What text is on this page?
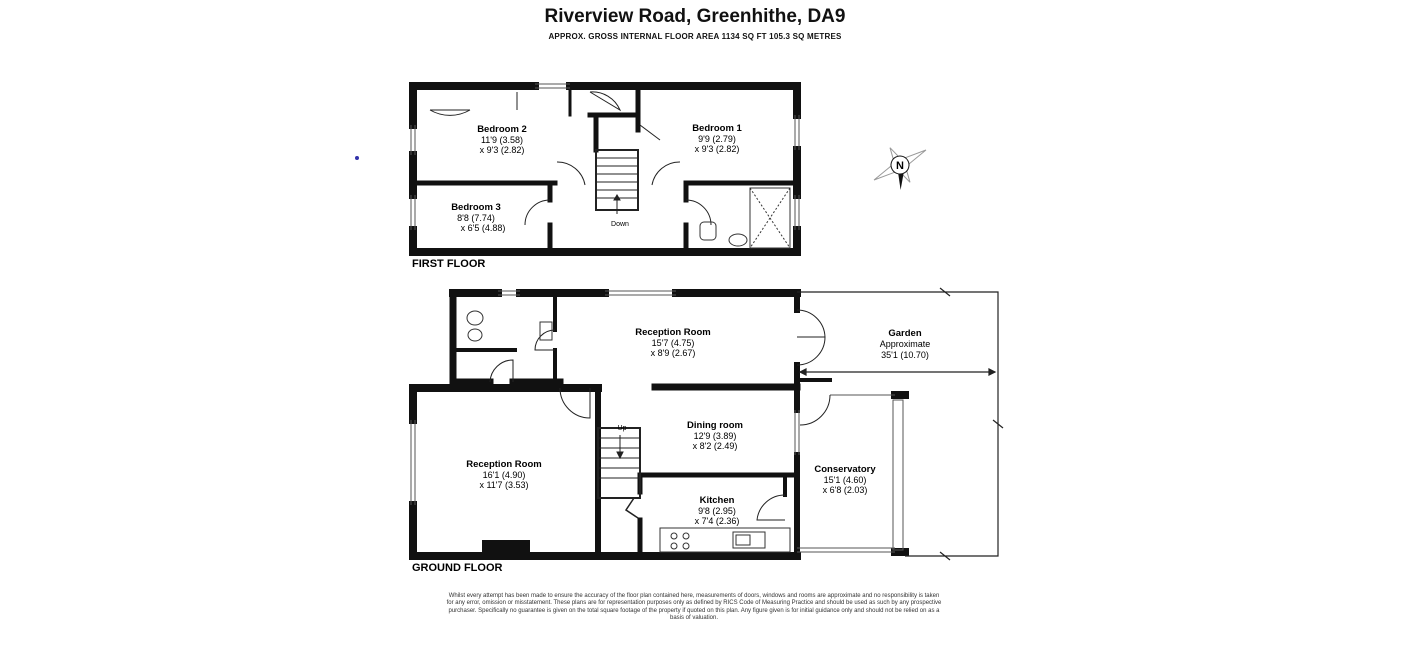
Riverview Road, Greenhithe, DA9
APPROX. GROSS INTERNAL FLOOR AREA 1134 SQ FT 105.3 SQ METRES
Bedroom 2
11'9 (3.58)
x 9'3 (2.82)
Bedroom 1
9'9 (2.79)
x 9'3 (2.82)
Bedroom 3
8'8 (7.74)
x 6'5 (4.88)	Down
FIRST FLOOR
N
Reception Room
15'7 (4.75)
x 8'9 (2.67)
Garden
Approximate
35'1 (10.70)
Dining room
12'9 (3.89)
x 8'2 (2.49)
Reception Room
16'1 (4.90)
x 11'7 (3.53)
Conservatory
15'1 (4.60)
x 6'8 (2.03)
Kitchen
9'8 (2.95)
x 7'4 (2.36)
Up
GROUND FLOOR
Whilst every attempt has been made to ensure the accuracy of the floor plan contained here, measurements of doors, windows and rooms are approximate and no responsibility is taken for any error, omission or misstatement. These plans are for representation purposes only as defined by RICS Code of Measuring Practice and should be used as such by any prospective purchaser. Specifically no guarantee is given on the total square footage of the property if quoted on this plan. Any figure given is for initial guidance only and should not be relied on as a basis of valuation.
